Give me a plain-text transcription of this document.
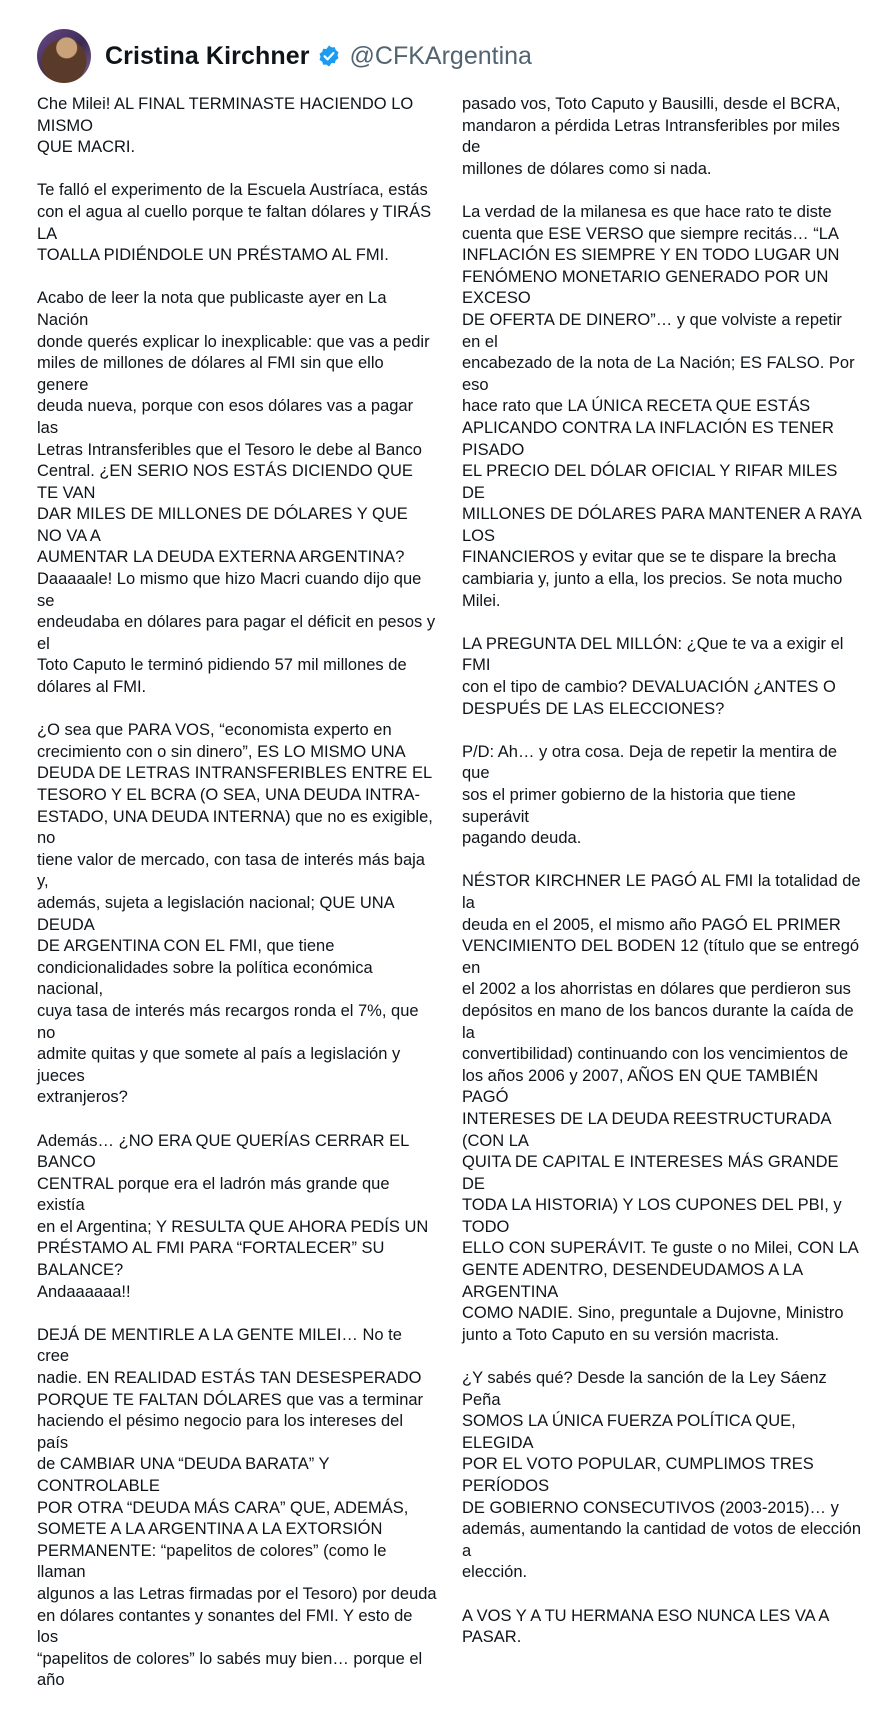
Cristina Kirchner @CFKArgentina

Che Milei! AL FINAL TERMINASTE HACIENDO LO MISMO
QUE MACRI.

Te falló el experimento de la Escuela Austríaca, estás
con el agua al cuello porque te faltan dólares y TIRÁS LA
TOALLA PIDIÉNDOLE UN PRÉSTAMO AL FMI.

Acabo de leer la nota que publicaste ayer en La Nación
donde querés explicar lo inexplicable: que vas a pedir
miles de millones de dólares al FMI sin que ello genere
deuda nueva, porque con esos dólares vas a pagar las
Letras Intransferibles que el Tesoro le debe al Banco
Central. ¿EN SERIO NOS ESTÁS DICIENDO QUE TE VAN
DAR MILES DE MILLONES DE DÓLARES Y QUE NO VA A
AUMENTAR LA DEUDA EXTERNA ARGENTINA?
Daaaaale! Lo mismo que hizo Macri cuando dijo que se
endeudaba en dólares para pagar el déficit en pesos y el
Toto Caputo le terminó pidiendo 57 mil millones de
dólares al FMI.

¿O sea que PARA VOS, “economista experto en
crecimiento con o sin dinero”, ES LO MISMO UNA
DEUDA DE LETRAS INTRANSFERIBLES ENTRE EL
TESORO Y EL BCRA (O SEA, UNA DEUDA INTRA-
ESTADO, UNA DEUDA INTERNA) que no es exigible, no
tiene valor de mercado, con tasa de interés más baja y,
además, sujeta a legislación nacional; QUE UNA DEUDA
DE ARGENTINA CON EL FMI, que tiene
condicionalidades sobre la política económica nacional,
cuya tasa de interés más recargos ronda el 7%, que no
admite quitas y que somete al país a legislación y jueces
extranjeros?

Además… ¿NO ERA QUE QUERÍAS CERRAR EL BANCO
CENTRAL porque era el ladrón más grande que existía
en el Argentina; Y RESULTA QUE AHORA PEDÍS UN
PRÉSTAMO AL FMI PARA “FORTALECER” SU BALANCE?
Andaaaaaa!!

DEJÁ DE MENTIRLE A LA GENTE MILEI… No te cree
nadie. EN REALIDAD ESTÁS TAN DESESPERADO
PORQUE TE FALTAN DÓLARES que vas a terminar
haciendo el pésimo negocio para los intereses del país
de CAMBIAR UNA “DEUDA BARATA” Y CONTROLABLE
POR OTRA “DEUDA MÁS CARA” QUE, ADEMÁS,
SOMETE A LA ARGENTINA A LA EXTORSIÓN
PERMANENTE: “papelitos de colores” (como le llaman
algunos a las Letras firmadas por el Tesoro) por deuda
en dólares contantes y sonantes del FMI. Y esto de los
“papelitos de colores” lo sabés muy bien… porque el año

pasado vos, Toto Caputo y Bausilli, desde el BCRA,
mandaron a pérdida Letras Intransferibles por miles de
millones de dólares como si nada.

La verdad de la milanesa es que hace rato te diste
cuenta que ESE VERSO que siempre recitás… “LA
INFLACIÓN ES SIEMPRE Y EN TODO LUGAR UN
FENÓMENO MONETARIO GENERADO POR UN EXCESO
DE OFERTA DE DINERO”… y que volviste a repetir en el
encabezado de la nota de La Nación; ES FALSO. Por eso
hace rato que LA ÚNICA RECETA QUE ESTÁS
APLICANDO CONTRA LA INFLACIÓN ES TENER PISADO
EL PRECIO DEL DÓLAR OFICIAL Y RIFAR MILES DE
MILLONES DE DÓLARES PARA MANTENER A RAYA LOS
FINANCIEROS y evitar que se te dispare la brecha
cambiaria y, junto a ella, los precios. Se nota mucho
Milei.

LA PREGUNTA DEL MILLÓN: ¿Que te va a exigir el FMI
con el tipo de cambio? DEVALUACIÓN ¿ANTES O
DESPUÉS DE LAS ELECCIONES?

P/D: Ah… y otra cosa. Deja de repetir la mentira de que
sos el primer gobierno de la historia que tiene superávit
pagando deuda.

NÉSTOR KIRCHNER LE PAGÓ AL FMI la totalidad de la
deuda en el 2005, el mismo año PAGÓ EL PRIMER
VENCIMIENTO DEL BODEN 12 (título que se entregó en
el 2002 a los ahorristas en dólares que perdieron sus
depósitos en mano de los bancos durante la caída de la
convertibilidad) continuando con los vencimientos de
los años 2006 y 2007, AÑOS EN QUE TAMBIÉN PAGÓ
INTERESES DE LA DEUDA REESTRUCTURADA (CON LA
QUITA DE CAPITAL E INTERESES MÁS GRANDE DE
TODA LA HISTORIA) Y LOS CUPONES DEL PBI, y TODO
ELLO CON SUPERÁVIT. Te guste o no Milei, CON LA
GENTE ADENTRO, DESENDEUDAMOS A LA ARGENTINA
COMO NADIE. Sino, preguntale a Dujovne, Ministro
junto a Toto Caputo en su versión macrista.

¿Y sabés qué? Desde la sanción de la Ley Sáenz Peña
SOMOS LA ÚNICA FUERZA POLÍTICA QUE, ELEGIDA
POR EL VOTO POPULAR, CUMPLIMOS TRES PERÍODOS
DE GOBIERNO CONSECUTIVOS (2003-2015)… y
además, aumentando la cantidad de votos de elección a
elección.

A VOS Y A TU HERMANA ESO NUNCA LES VA A PASAR.
